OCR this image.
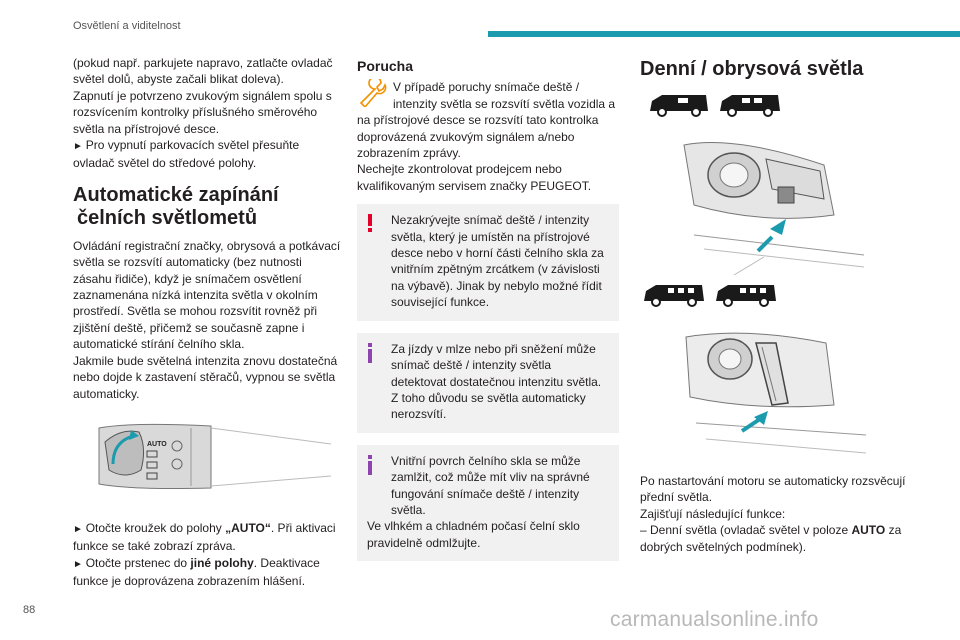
Osvětlení a viditelnost

(pokud např. parkujete napravo, zatlačte ovladač světel dolů, abyste začali blikat doleva).

Zapnutí je potvrzeno zvukovým signálem spolu s rozsvícením kontrolky příslušného směrového světla na přístrojové desce.

► Pro vypnutí parkovacích světel přesuňte ovladač světel do středové polohy.

Automatické zapínání
čelních světlometů

Ovládání registrační značky, obrysová a potkávací světla se rozsvítí automaticky (bez nutnosti zásahu řidiče), když je snímačem osvětlení zaznamenána nízká intenzita světla v okolním prostředí. Světla se mohou rozsvítit rovněž při zjištění deště, přičemž se současně zapne i automatické stírání čelního skla.

Jakmile bude světelná intenzita znovu dostatečná nebo dojde k zastavení stěračů, vypnou se světla automaticky.

AUTO

► Otočte kroužek do polohy „AUTO“. Při aktivaci funkce se také zobrazí zpráva.

► Otočte prstenec do jiné polohy. Deaktivace funkce je doprovázena zobrazením hlášení.

Porucha

V případě poruchy snímače deště / intenzity světla se rozsvítí světla vozidla a na přístrojové desce se rozsvítí tato kontrolka doprovázená zvukovým signálem a/nebo zobrazením zprávy.

Nechejte zkontrolovat prodejcem nebo kvalifikovaným servisem značky PEUGEOT.

Nezakrývejte snímač deště / intenzity světla, který je umístěn na přístrojové desce nebo v horní části čelního skla za vnitřním zpětným zrcátkem (v závislosti na výbavě). Jinak by nebylo možné řídit související funkce.

Za jízdy v mlze nebo při sněžení může snímač deště / intenzity světla detektovat dostatečnou intenzitu světla. Z toho důvodu se světla automaticky nerozsvítí.

Vnitřní povrch čelního skla se může zamlžit, což může mít vliv na správné fungování snímače deště / intenzity světla.

Ve vlhkém a chladném počasí čelní sklo pravidelně odmlžujte.

Denní / obrysová světla

Po nastartování motoru se automaticky rozsvěcují přední světla.

Zajišťují následující funkce:

– Denní světla (ovladač světel v poloze AUTO za dobrých světelných podmínek).

88	carmanualsonline.info
